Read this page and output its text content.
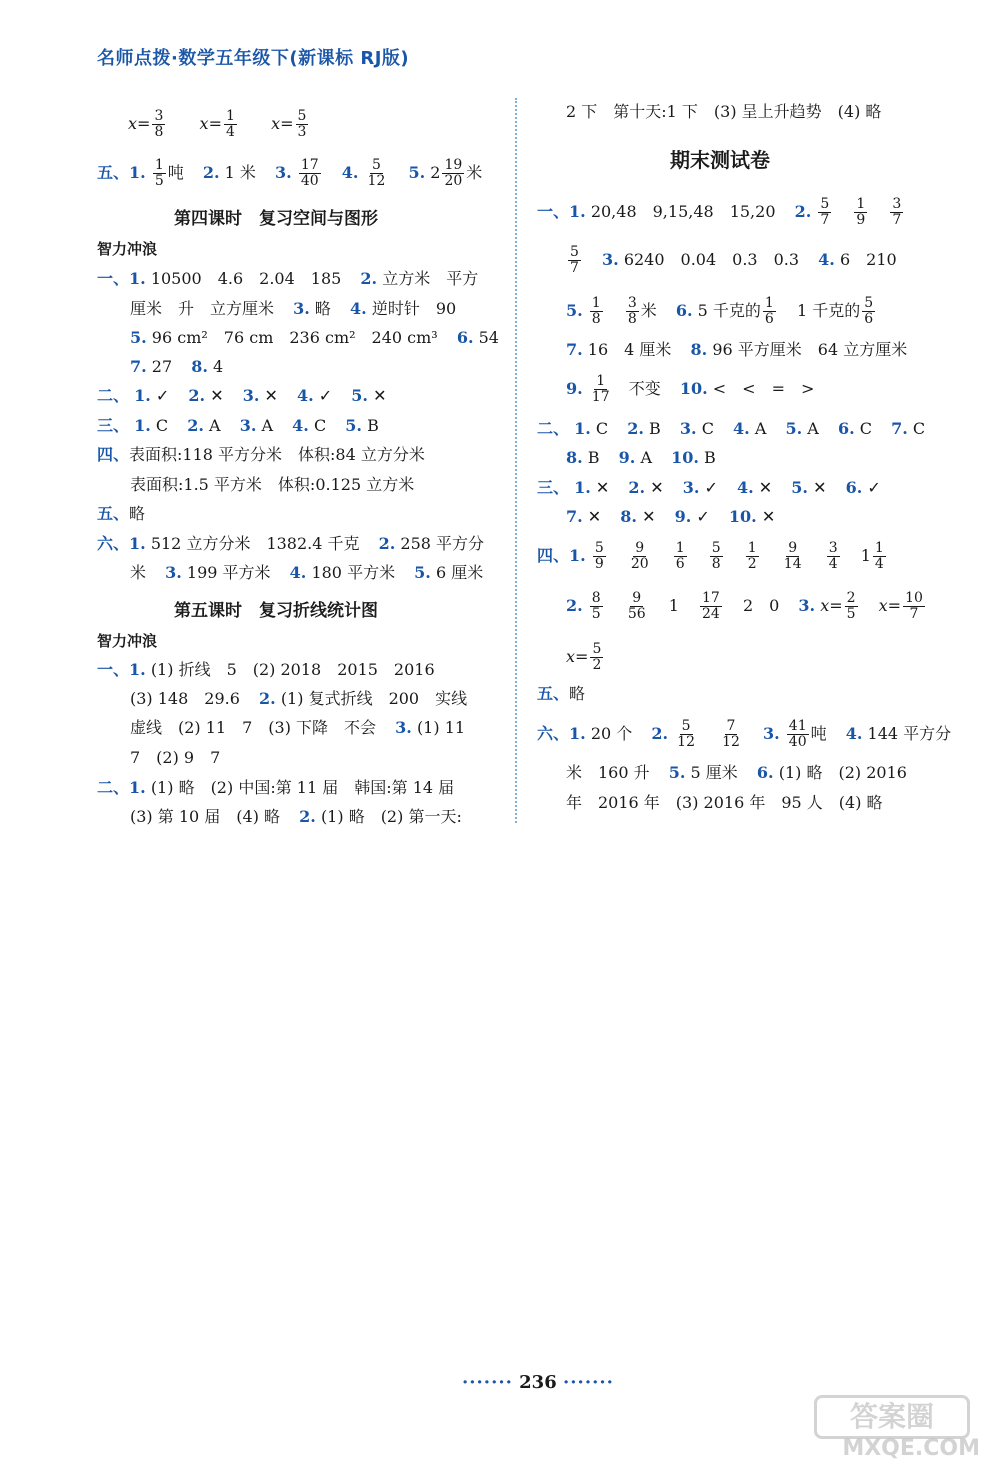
名师点拨·数学五年级下(新课标 RJ版)
$x= \frac{3}{8} x= \frac{1}{4} x= \frac{5}{3}$
五、1. $\frac{1}{5}$ 吨 2. 1 米 3. $\frac{17}{40} 4$. $\frac{5}{12} 5$. $2 \frac{19}{20}$ 米
第四课时　复习空间与图形
智力冲浪
一、1. 10500　4.6　2.04　185 2. 立方米　平方
厘米　升　立方厘米 3. 略 4. 逆时针　90
5. 96 cm²　76 cm　236 cm²　240 cm³ 6. 54
7. 27 8. 4
二、 1. ✓ 2. ✕ 3. ✕ 4. ✓ 5. ✕
三、 1. C 2. A 3. A 4. C 5. B
四、表面积:118 平方分米　体积:84 立方分米
表面积:1.5 平方米　体积:0.125 立方米
五、略
六、1. 512 立方分米　1382.4 千克 2. 258 平方分
米 3. 199 平方米 4. 180 平方米 5. 6 厘米
第五课时　复习折线统计图
智力冲浪
一、1. (1) 折线　5　(2) 2018　2015　2016
(3) 148　29.6 2. (1) 复式折线　200　实线
虚线　(2) 11　7　(3) 下降　不会 3. (1) 11
7　(2) 9　7
二、1. (1) 略　(2) 中国:第 11 届　韩国:第 14 届
(3) 第 10 届　(4) 略 2. (1) 略　(2) 第一天:
2 下　第十天:1 下　(3) 呈上升趋势　(4) 略
期末测试卷
一、1. 20,48　9,15,48　15,20 2. $\frac{5}{7}$
$\frac{1}{9}$
$\frac{3}{7}$
$\frac{5}{7} 3$. 6240　0.04　0.3　0.3 4. 6　210
5. $\frac{1}{8}$
$\frac{3}{8}$ 米 6. 5 千克的 $\frac{1}{6} 1$ 千克的 $\frac{5}{6}$
7. 16　4 厘米 8. 96 平方厘米　64 立方厘米
9. $\frac{1}{17}$ 不变 10. <　<　=　>
二、 1. C 2. B 3. C 4. A 5. A 6. C 7. C
8. B 9. A 10. B
三、 1. ✕ 2. ✕ 3. ✓ 4. ✕ 5. ✕ 6. ✓
7. ✕ 8. ✕ 9. ✓ 10. ✕
四、1. $\frac{5}{9}$
$\frac{9}{20}$
$\frac{1}{6}$
$\frac{5}{8}$
$\frac{1}{2}$
$\frac{9}{14}$
$\frac{3}{4} 1 \frac{1}{4}$
2. $\frac{8}{5}$
$\frac{9}{56} 1 \frac{17}{24} 2$　0 3. $x= \frac{2}{5} x= \frac{10}{7}$
$x= \frac{5}{2}$
五、略
六、1. 20 个 2. $\frac{5}{12}$
$\frac{7}{12} 3$. $\frac{41}{40}$ 吨 4. 144 平方分
米　160 升 5. 5 厘米 6. (1) 略　(2) 2016
年　2016 年　(3) 2016 年　95 人　(4) 略
······· 236 ·······
答案圈
MXQE.COM
